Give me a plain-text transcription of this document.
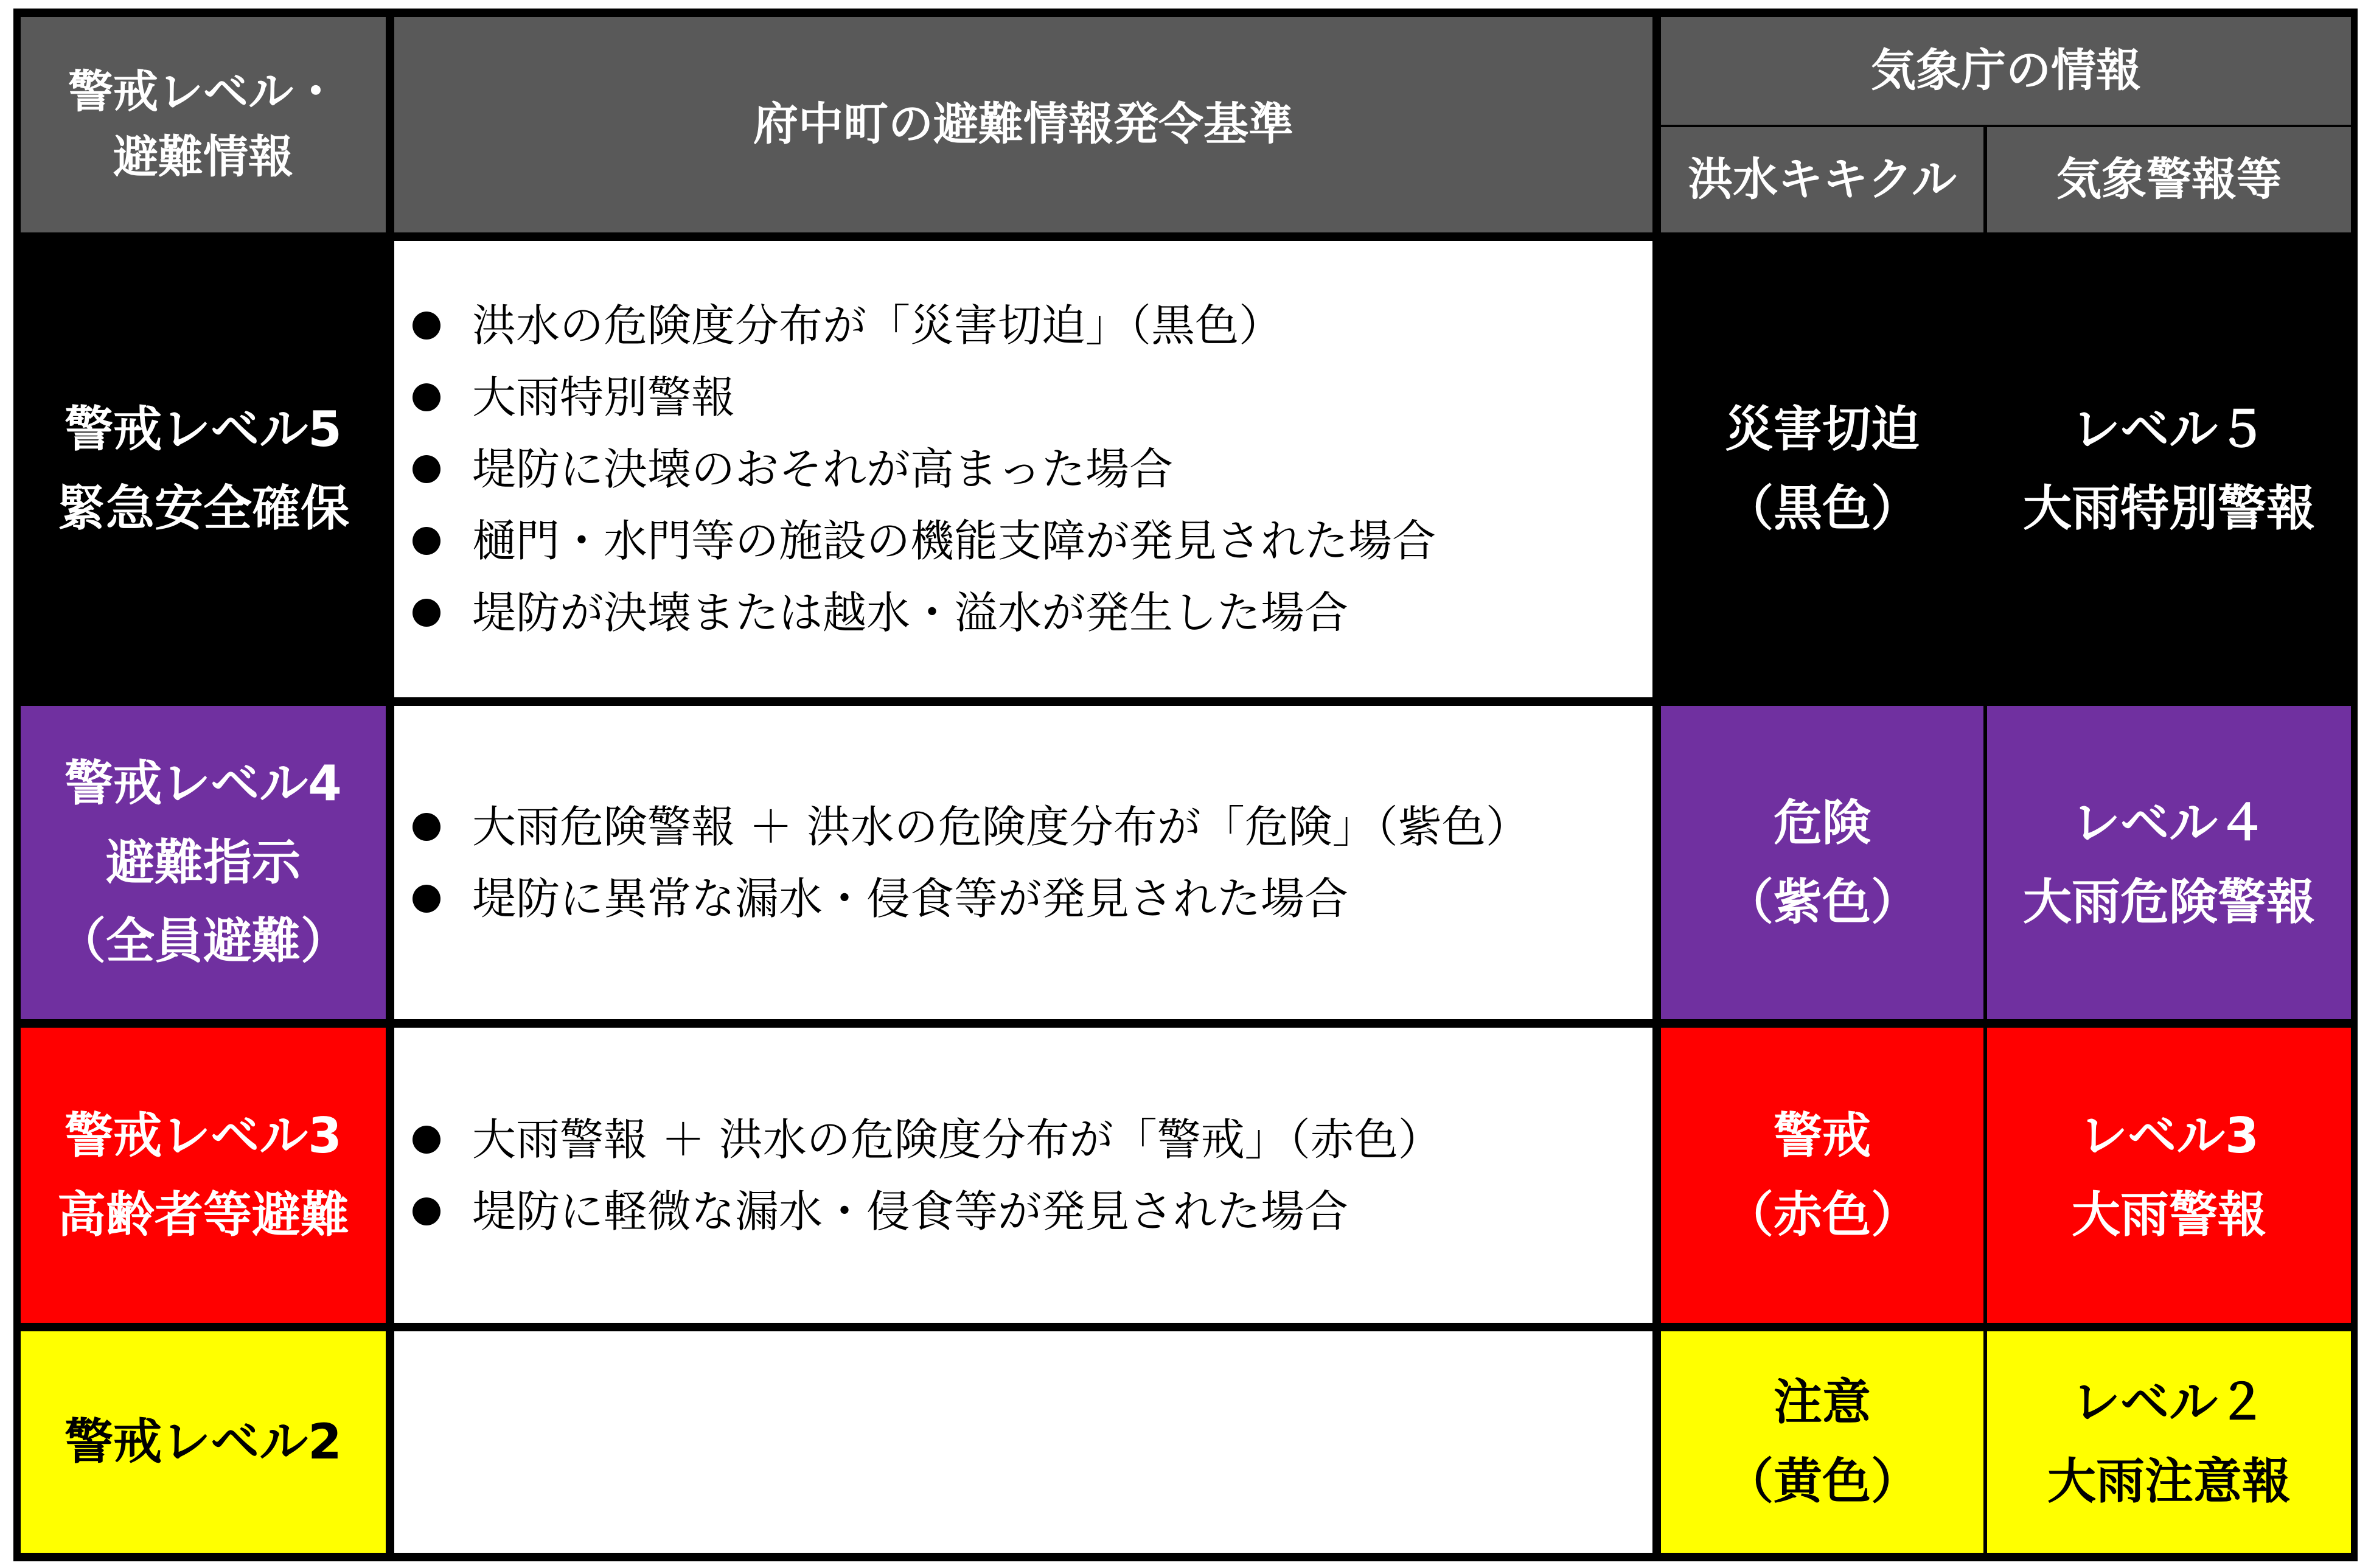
警戒レベル・
避難情報
府中町の避難情報発令基準
気象庁の情報
洪水キキクル 気象警報等
警戒レベル5
緊急安全確保
洪水の危険度分布が「災害切迫」（黒色）
大雨特別警報
堤防に決壊のおそれが高まった場合
樋門・水門等の施設の機能支障が発見された場合
堤防が決壊または越水・溢水が発生した場合
災害切迫
（黒色）
レベル５
大雨特別警報
警戒レベル4
避難指示
（全員避難）
大雨危険警報 ＋ 洪水の危険度分布が「危険」（紫色）
堤防に異常な漏水・侵食等が発見された場合
危険
（紫色）
レベル４
大雨危険警報
警戒レベル3
高齢者等避難
大雨警報 ＋ 洪水の危険度分布が「警戒」（赤色）
堤防に軽微な漏水・侵食等が発見された場合
警戒
（赤色）
レベル3
大雨警報
警戒レベル2
注意
（黄色）
レベル２
大雨注意報
